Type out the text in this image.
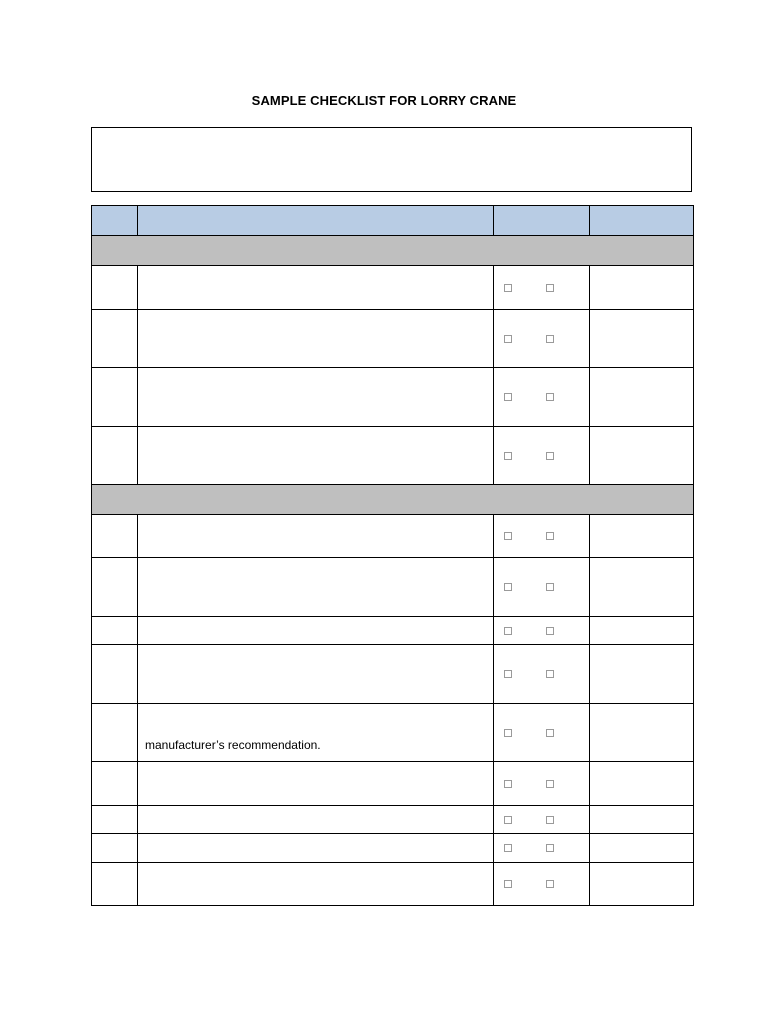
SAMPLE CHECKLIST FOR LORRY CRANE

	manufacturer’s recommendation.	
